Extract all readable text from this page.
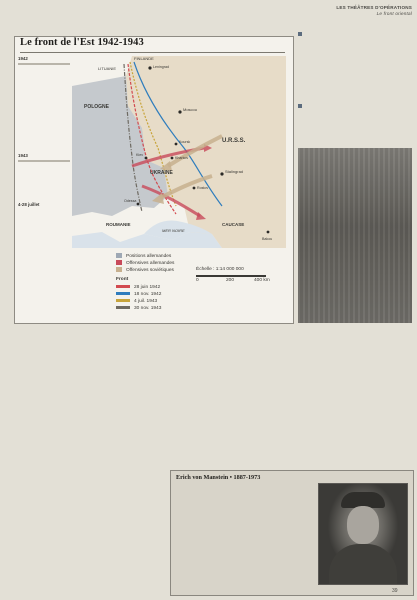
LES THÉÂTRES D'OPÉRATIONS
Le front oriental
Le front de l'Est 1942-1943
1942
1943
4-28 juillet
FINLANDE
LITUANIE
POLOGNE
U.R.S.S.
UKRAINE
ROUMANIE	CAUCASE
MER NOIRE
Moscou
Stalingrad
Leningrad
Koursk
Kharkov
Rostov
Kiev
Odessa
Bakou
Positions allemandes
Offensives allemandes
Offensives soviétiques
Front
28 juin 1942
18 nov. 1942
4 juil. 1943
30 nov. 1943
Échelle : 1:14 000 000
0	200	400 km
Erich von Manstein • 1887-1973
39
